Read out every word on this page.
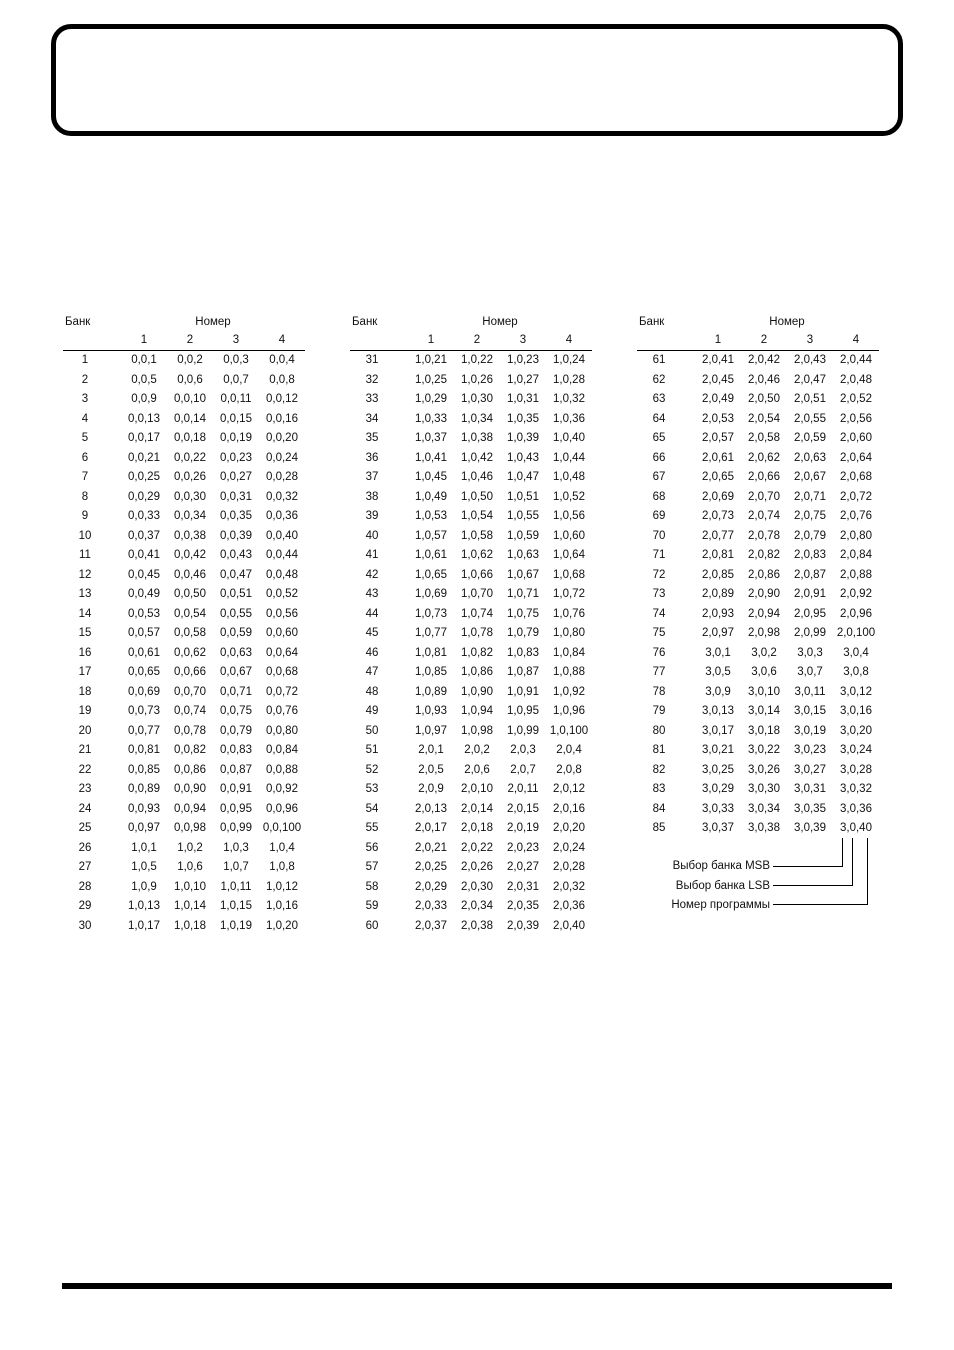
Банк		Номер			
		1	2	3	4
1		0,0,1	0,0,2	0,0,3	0,0,4
2		0,0,5	0,0,6	0,0,7	0,0,8
3		0,0,9	0,0,10	0,0,11	0,0,12
4		0,0,13	0,0,14	0,0,15	0,0,16
5		0,0,17	0,0,18	0,0,19	0,0,20
6		0,0,21	0,0,22	0,0,23	0,0,24
7		0,0,25	0,0,26	0,0,27	0,0,28
8		0,0,29	0,0,30	0,0,31	0,0,32
9		0,0,33	0,0,34	0,0,35	0,0,36
10		0,0,37	0,0,38	0,0,39	0,0,40
11		0,0,41	0,0,42	0,0,43	0,0,44
12		0,0,45	0,0,46	0,0,47	0,0,48
13		0,0,49	0,0,50	0,0,51	0,0,52
14		0,0,53	0,0,54	0,0,55	0,0,56
15		0,0,57	0,0,58	0,0,59	0,0,60
16		0,0,61	0,0,62	0,0,63	0,0,64
17		0,0,65	0,0,66	0,0,67	0,0,68
18		0,0,69	0,0,70	0,0,71	0,0,72
19		0,0,73	0,0,74	0,0,75	0,0,76
20		0,0,77	0,0,78	0,0,79	0,0,80
21		0,0,81	0,0,82	0,0,83	0,0,84
22		0,0,85	0,0,86	0,0,87	0,0,88
23		0,0,89	0,0,90	0,0,91	0,0,92
24		0,0,93	0,0,94	0,0,95	0,0,96
25		0,0,97	0,0,98	0,0,99	0,0,100
26		1,0,1	1,0,2	1,0,3	1,0,4
27		1,0,5	1,0,6	1,0,7	1,0,8
28		1,0,9	1,0,10	1,0,11	1,0,12
29		1,0,13	1,0,14	1,0,15	1,0,16
30		1,0,17	1,0,18	1,0,19	1,0,20
Банк		Номер			
		1	2	3	4
31		1,0,21	1,0,22	1,0,23	1,0,24
32		1,0,25	1,0,26	1,0,27	1,0,28
33		1,0,29	1,0,30	1,0,31	1,0,32
34		1,0,33	1,0,34	1,0,35	1,0,36
35		1,0,37	1,0,38	1,0,39	1,0,40
36		1,0,41	1,0,42	1,0,43	1,0,44
37		1,0,45	1,0,46	1,0,47	1,0,48
38		1,0,49	1,0,50	1,0,51	1,0,52
39		1,0,53	1,0,54	1,0,55	1,0,56
40		1,0,57	1,0,58	1,0,59	1,0,60
41		1,0,61	1,0,62	1,0,63	1,0,64
42		1,0,65	1,0,66	1,0,67	1,0,68
43		1,0,69	1,0,70	1,0,71	1,0,72
44		1,0,73	1,0,74	1,0,75	1,0,76
45		1,0,77	1,0,78	1,0,79	1,0,80
46		1,0,81	1,0,82	1,0,83	1,0,84
47		1,0,85	1,0,86	1,0,87	1,0,88
48		1,0,89	1,0,90	1,0,91	1,0,92
49		1,0,93	1,0,94	1,0,95	1,0,96
50		1,0,97	1,0,98	1,0,99	1,0,100
51		2,0,1	2,0,2	2,0,3	2,0,4
52		2,0,5	2,0,6	2,0,7	2,0,8
53		2,0,9	2,0,10	2,0,11	2,0,12
54		2,0,13	2,0,14	2,0,15	2,0,16
55		2,0,17	2,0,18	2,0,19	2,0,20
56		2,0,21	2,0,22	2,0,23	2,0,24
57		2,0,25	2,0,26	2,0,27	2,0,28
58		2,0,29	2,0,30	2,0,31	2,0,32
59		2,0,33	2,0,34	2,0,35	2,0,36
60		2,0,37	2,0,38	2,0,39	2,0,40
Банк		Номер			
		1	2	3	4
61		2,0,41	2,0,42	2,0,43	2,0,44
62		2,0,45	2,0,46	2,0,47	2,0,48
63		2,0,49	2,0,50	2,0,51	2,0,52
64		2,0,53	2,0,54	2,0,55	2,0,56
65		2,0,57	2,0,58	2,0,59	2,0,60
66		2,0,61	2,0,62	2,0,63	2,0,64
67		2,0,65	2,0,66	2,0,67	2,0,68
68		2,0,69	2,0,70	2,0,71	2,0,72
69		2,0,73	2,0,74	2,0,75	2,0,76
70		2,0,77	2,0,78	2,0,79	2,0,80
71		2,0,81	2,0,82	2,0,83	2,0,84
72		2,0,85	2,0,86	2,0,87	2,0,88
73		2,0,89	2,0,90	2,0,91	2,0,92
74		2,0,93	2,0,94	2,0,95	2,0,96
75		2,0,97	2,0,98	2,0,99	2,0,100
76		3,0,1	3,0,2	3,0,3	3,0,4
77		3,0,5	3,0,6	3,0,7	3,0,8
78		3,0,9	3,0,10	3,0,11	3,0,12
79		3,0,13	3,0,14	3,0,15	3,0,16
80		3,0,17	3,0,18	3,0,19	3,0,20
81		3,0,21	3,0,22	3,0,23	3,0,24
82		3,0,25	3,0,26	3,0,27	3,0,28
83		3,0,29	3,0,30	3,0,31	3,0,32
84		3,0,33	3,0,34	3,0,35	3,0,36
85		3,0,37	3,0,38	3,0,39	3,0,40
Выбор банка MSB
Выбор банка LSB
Номер программы
